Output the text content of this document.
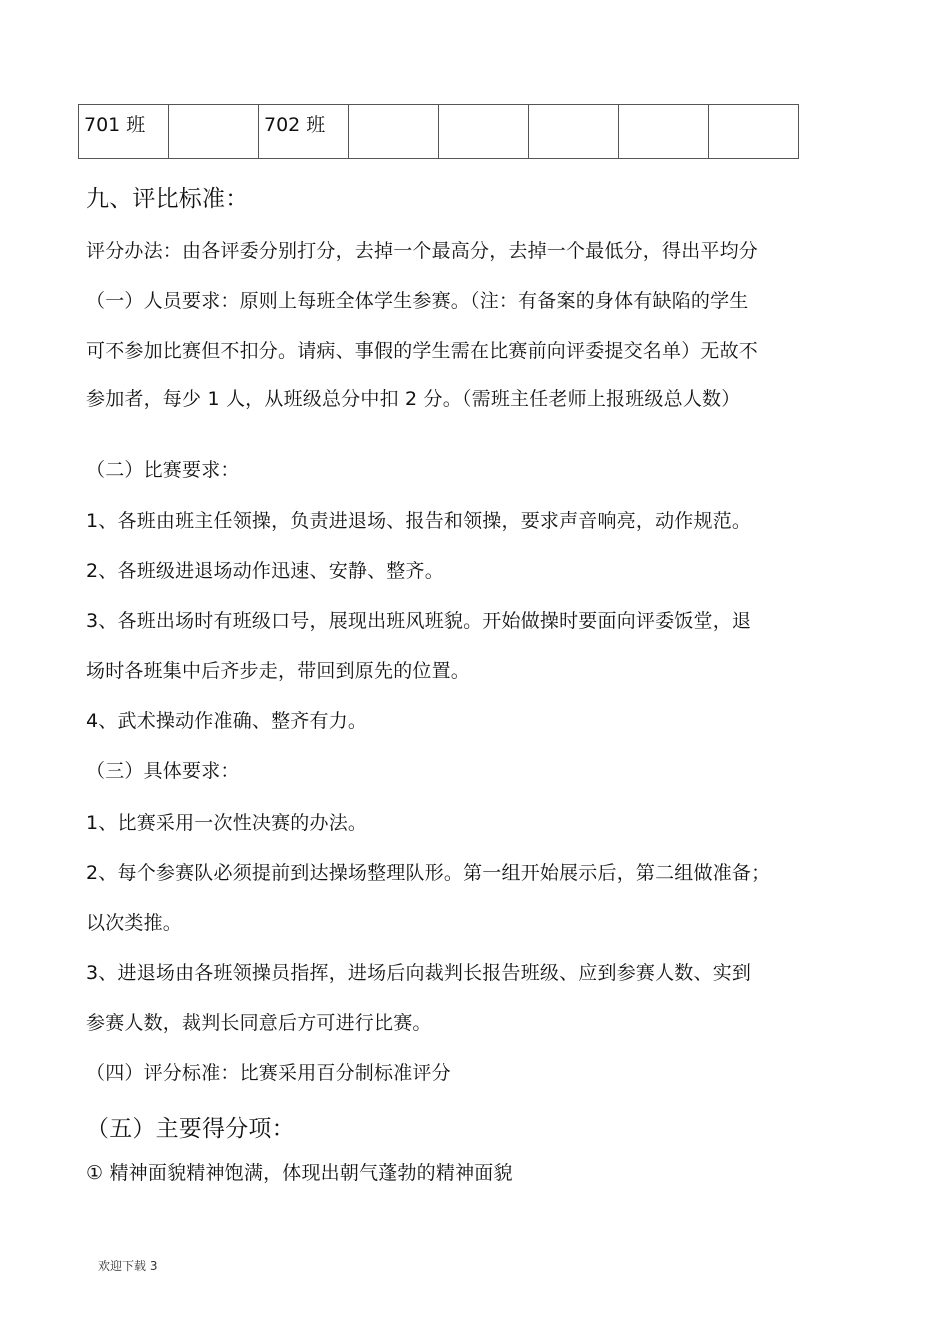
701 班		702 班					
九、评比标准：
评分办法：由各评委分别打分，去掉一个最高分，去掉一个最低分，得出平均分
（一）人员要求：原则上每班全体学生参赛。（注：有备案的身体有缺陷的学生
可不参加比赛但不扣分。请病、事假的学生需在比赛前向评委提交名单）无故不
参加者，每少 1 人，从班级总分中扣 2 分。（需班主任老师上报班级总人数）
（二）比赛要求：
1、各班由班主任领操，负责进退场、报告和领操，要求声音响亮，动作规范。
2、各班级进退场动作迅速、安静、整齐。
3、各班出场时有班级口号，展现出班风班貌。开始做操时要面向评委饭堂，退
场时各班集中后齐步走，带回到原先的位置。
4、武术操动作准确、整齐有力。
（三）具体要求：
1、比赛采用一次性决赛的办法。
2、每个参赛队必须提前到达操场整理队形。第一组开始展示后，第二组做准备；
以次类推。
3、进退场由各班领操员指挥，进场后向裁判长报告班级、应到参赛人数、实到
参赛人数，裁判长同意后方可进行比赛。
（四）评分标准：比赛采用百分制标准评分
（五）主要得分项：
① 精神面貌精神饱满，体现出朝气蓬勃的精神面貌
欢迎下载 3
